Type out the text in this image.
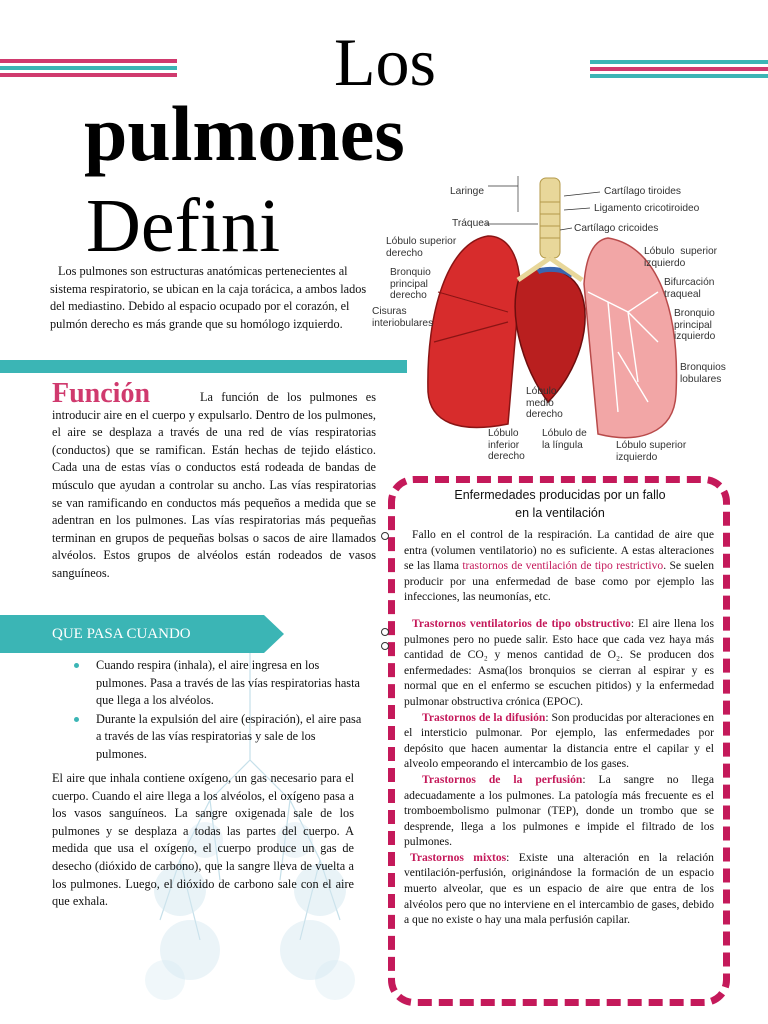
Los
pulmones
Defini
Los pulmones son estructuras anatómicas pertenecientes al sistema respiratorio, se ubican en la caja torácica, a ambos lados del mediastino. Debido al espacio ocupado por el corazón, el pulmón derecho es más grande que su homólogo izquierdo.
Función	La función de los pulmones es introducir aire en el cuerpo y expulsarlo. Dentro de los pulmones, el aire se desplaza a través de una red de vías respiratorias (conductos) que se ramifican. Están hechas de tejido elástico. Cada una de estas vías o conductos está rodeada de bandas de músculo que ayudan a controlar su ancho. Las vías respiratorias se van ramificando en conductos más pequeños a medida que se adentran en los pulmones. Las vías respiratorias más pequeñas terminan en grupos de pequeñas bolsas o sacos de aire llamados alvéolos. Estos grupos de alvéolos están rodeados de vasos sanguíneos.
QUE PASA CUANDO
Cuando respira (inhala), el aire ingresa en los pulmones. Pasa a través de las vías respiratorias hasta que llega a los alvéolos.
Durante la expulsión del aire (espiración), el aire pasa a través de las vías respiratorias y sale de los pulmones.
El aire que inhala contiene oxígeno, un gas necesario para el cuerpo. Cuando el aire llega a los alvéolos, el oxígeno pasa a los vasos sanguíneos. La sangre oxigenada sale de los pulmones y se desplaza a todas las partes del cuerpo. A medida que usa el oxígeno, el cuerpo produce un gas de desecho (dióxido de carbono), que la sangre lleva de vuelta a los pulmones. Luego, el dióxido de carbono sale con el aire que exhala.
Laringe
Tráquea
Cartílago tiroides
Ligamento cricotiroideo
Cartílago cricoides
Lóbulo superior
derecho
Bronquio
principal
derecho
Cisuras
interiobulares
Lóbulo  superior
izquierdo
Bifurcación
traqueal
Bronquio
principal
izquierdo
Bronquios
lobulares
Lóbulo
medio
derecho
Lóbulo
inferior
derecho
Lóbulo de
la língula	Lóbulo superior
izquierdo
Enfermedades producidas por un fallo
en la ventilación

Fallo en el control de la respiración. La cantidad de aire que entra (volumen ventilatorio) no es suficiente. A estas alteraciones se las llama trastornos de ventilación de tipo restrictivo. Se suelen producir por una enfermedad de base como por ejemplo las infecciones, las neumonías, etc.

Trastornos ventilatorios de tipo obstructivo: El aire llena los pulmones pero no puede salir. Esto hace que cada vez haya más cantidad de CO₂ y menos cantidad de O₂. Se producen dos enfermedades: Asma(los bronquios se cierran al espirar y es normal que en el enfermo se escuchen pitidos) y la enfermedad pulmonar obstructiva crónica (EPOC).

Trastornos de la difusión: Son producidas por alteraciones en el intersticio pulmonar. Por ejemplo, las enfermedades por depósito que hacen aumentar la distancia entre el capilar y el alveolo empeorando el intercambio de los gases.

Trastornos de la perfusión: La sangre no llega adecuadamente a los pulmones. La patología más frecuente es el tromboembolismo pulmonar (TEP), donde un trombo que se desprende, llega a los pulmones e impide el filtrado de los pulmones.

Trastornos mixtos: Existe una alteración en la relación ventilación-perfusión, originándose la formación de un espacio muerto alveolar, que es un espacio de aire que entra de los alvéolos pero que no interviene en el intercambio de gases, debido a que no existe o hay una mala perfusión capilar.
